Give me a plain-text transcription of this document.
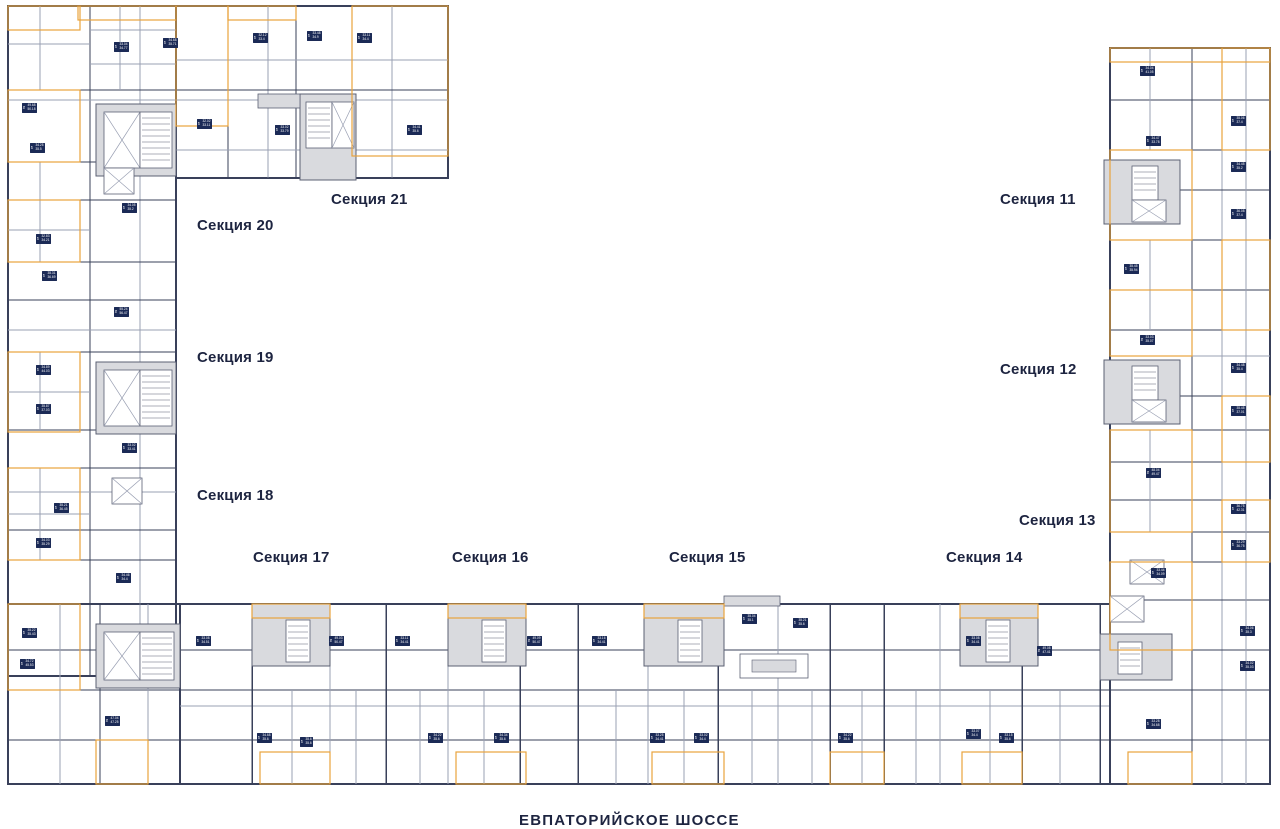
Секция 21
Секция 20
Секция 19
Секция 18
Секция 17	Секция 16	Секция 15	Секция 14
Секция 13
Секция 12
Секция 11
ЕВПАТОРИЙСКОЕ ШОССЕ
1 33.04
34.77
1 34.68
35.71
1 32.12
33.4
1 33.48
34.9	1 33.11
34.4
2 49.68
50.18
1 34.25
35.5
1 32.02
33.11
1 33.02
33.79	1 34.41
35.6
1 34.05
35.2
1 32.83
34.21
1 35.31
36.69
2 55.24
56.47
1 34.89
44.03
1 35.87
37.03
1 33.02
33.41
1 35.21
36.45
1 34.03
35.29
1 34.46
34.4
1 35.22
35.43
1 34.72
45.53
2 47.04
47.25
1 33.08
34.51	2 49.03
50.47
1 34.68
35.6	1 35.6
35.6
1 33.11
34.41	2 49.09
50.47
1 34.22
35.6	1 34.34
35.6
1 33.16
34.41
1 35.04
35.1	1 35.21
35.6
1 33.25
34.41	1 33.02
34.4	1 34.22
35.6
1 33.07
34.4	1 33.15
35.6
1 33.08
34.41
2 49.08
47.41
1 33.28
34.68
1 34.02
35.03
1 34.06
35.3
1 33.44
34.09
1 33.29
36.75
1 36.75
42.31
2 48.04
49.47
1 35.45
37.01
1 34.48
35.4
2 33.03
35.07
1 35.45
35.94
1 36.08
37.4
1 34.45
35.2
1 34.47
33.78
1 35.06
37.4
1 34.04
41.05
